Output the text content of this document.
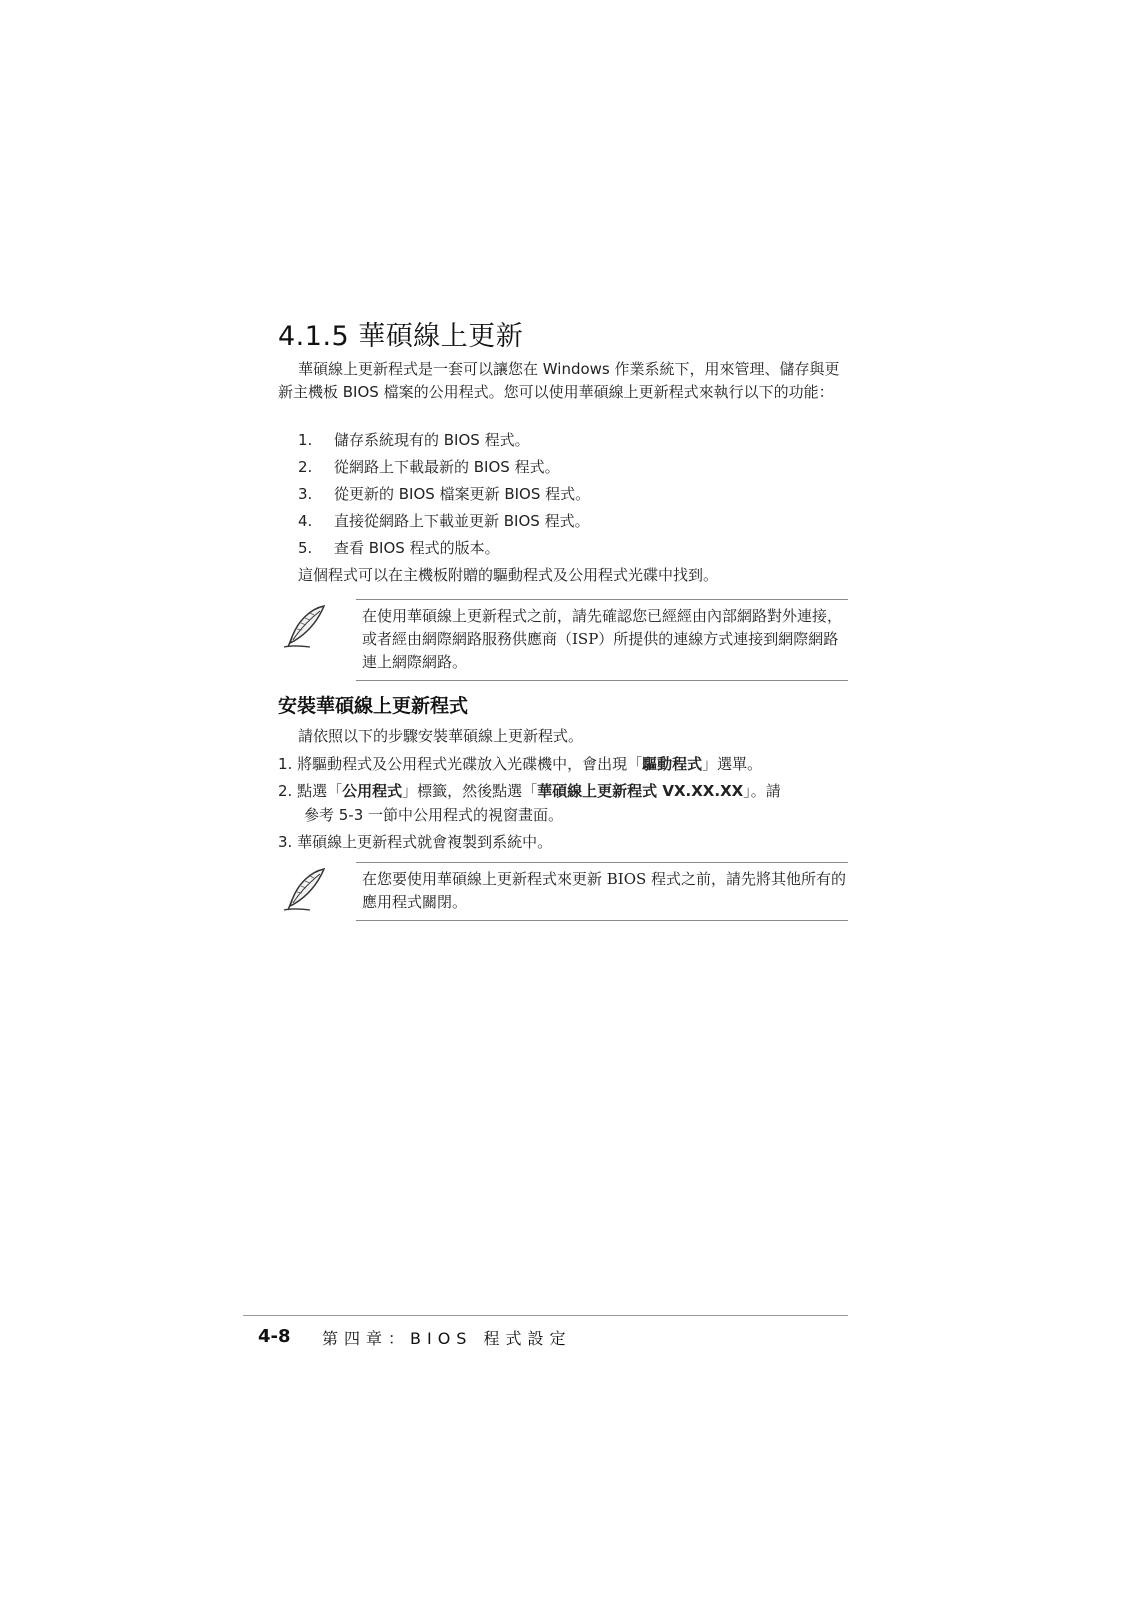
4.1.5 華碩線上更新
華碩線上更新程式是一套可以讓您在 Windows 作業系統下，用來管理、儲存與更新主機板 BIOS 檔案的公用程式。您可以使用華碩線上更新程式來執行以下的功能：
1. 儲存系統現有的 BIOS 程式。
2. 從網路上下載最新的 BIOS 程式。
3. 從更新的 BIOS 檔案更新 BIOS 程式。
4. 直接從網路上下載並更新 BIOS 程式。
5. 查看 BIOS 程式的版本。
這個程式可以在主機板附贈的驅動程式及公用程式光碟中找到。
在使用華碩線上更新程式之前，請先確認您已經經由內部網路對外連接，或者經由網際網路服務供應商（ISP）所提供的連線方式連接到網際網路連上網際網路。
安裝華碩線上更新程式
請依照以下的步驟安裝華碩線上更新程式。
1. 將驅動程式及公用程式光碟放入光碟機中，會出現「驅動程式」選單。
2. 點選「公用程式」標籤，然後點選「華碩線上更新程式 VX.XX.XX」。請
參考 5-3 一節中公用程式的視窗畫面。
3. 華碩線上更新程式就會複製到系統中。
在您要使用華碩線上更新程式來更新 BIOS 程式之前，請先將其他所有的應用程式關閉。
4-8 第四章：BIOS 程式設定
